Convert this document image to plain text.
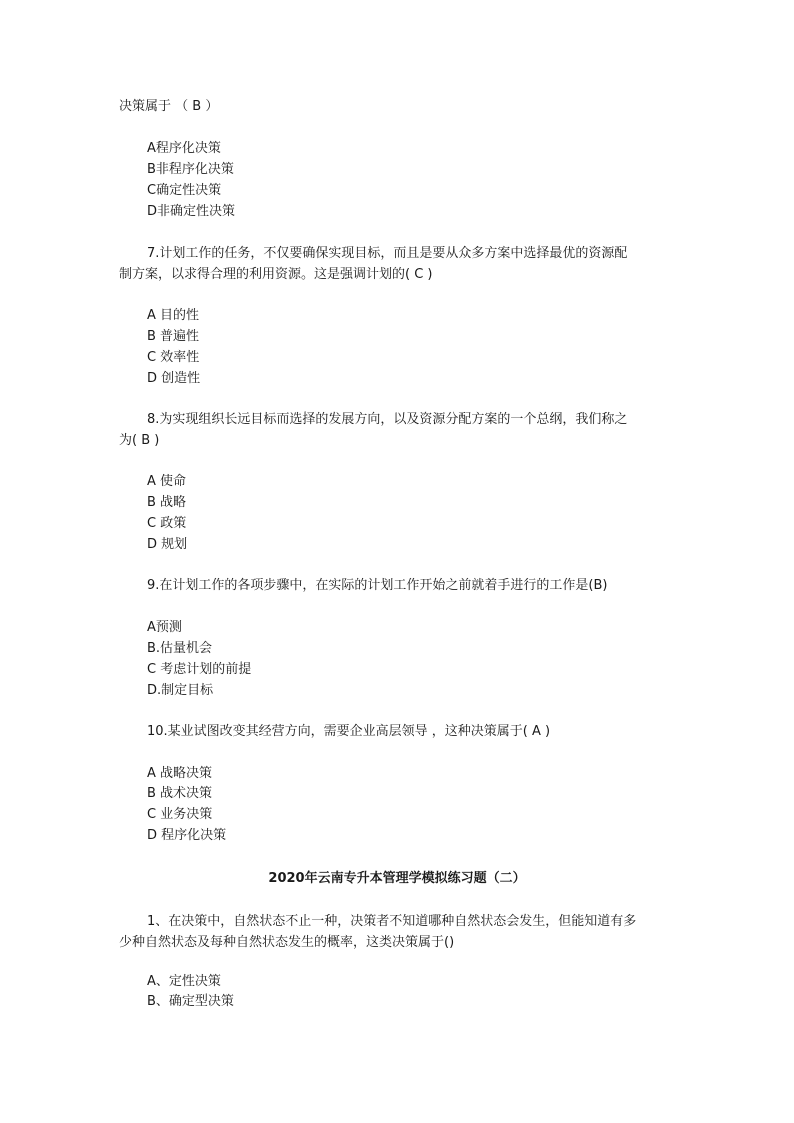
决策属于 （ B ）
A程序化决策
B非程序化决策
C确定性决策
D非确定性决策
7.计划工作的任务，不仅要确保实现目标，而且是要从众多方案中选择最优的资源配
制方案，以求得合理的利用资源。这是强调计划的( C )
A 目的性
B 普遍性
C 效率性
D 创造性
8.为实现组织长远目标而选择的发展方向，以及资源分配方案的一个总纲，我们称之
为( B )
A 使命
B 战略
C 政策
D 规划
9.在计划工作的各项步骤中，在实际的计划工作开始之前就着手进行的工作是(B)
A预测
B.估量机会
C 考虑计划的前提
D.制定目标
10.某业试图改变其经营方向，需要企业高层领导 ，这种决策属于( A )
A 战略决策
B 战术决策
C 业务决策
D 程序化决策
2020年云南专升本管理学模拟练习题（二）
1、在决策中，自然状态不止一种，决策者不知道哪种自然状态会发生，但能知道有多
少种自然状态及每种自然状态发生的概率，这类决策属于()
A、定性决策
B、确定型决策
